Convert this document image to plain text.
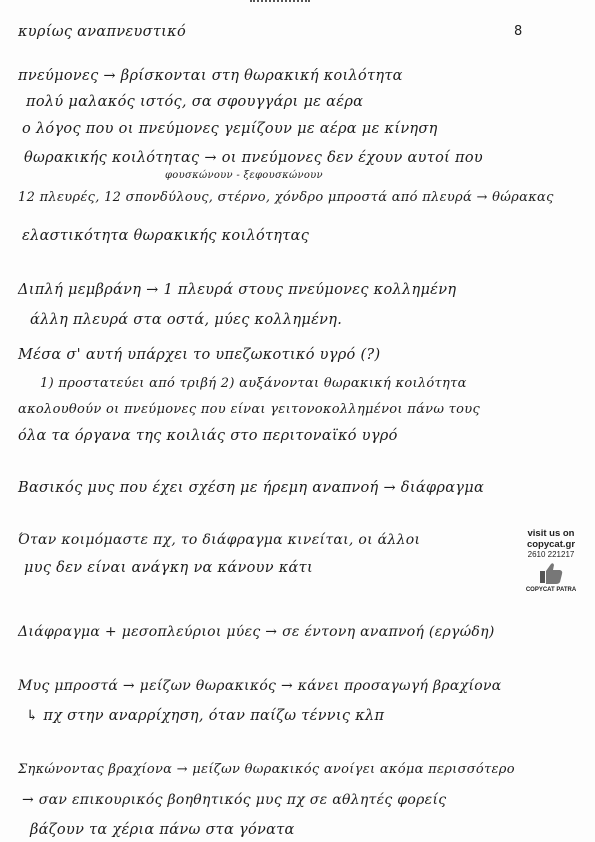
8
κυρίως αναπνευστικό
πνεύμονες → βρίσκονται στη θωρακική κοιλότητα
πολύ μαλακός ιστός, σα σφουγγάρι με αέρα
ο λόγος που οι πνεύμονες γεμίζουν με αέρα με κίνηση
θωρακικής κοιλότητας → οι πνεύμονες δεν έχουν αυτοί που
φουσκώνουν - ξεφουσκώνουν
12 πλευρές, 12 σπονδύλους, στέρνο, χόνδρο μπροστά από πλευρά → θώρακας
ελαστικότητα θωρακικής κοιλότητας
Διπλή μεμβράνη → 1 πλευρά στους πνεύμονες κολλημένη
άλλη πλευρά στα οστά, μύες κολλημένη.
Μέσα σ' αυτή υπάρχει το υπεζωκοτικό υγρό (?)
1) προστατεύει από τριβή 2) αυξάνονται θωρακική κοιλότητα
ακολουθούν οι πνεύμονες που είναι γειτονοκολλημένοι πάνω τους
όλα τα όργανα της κοιλιάς στο περιτοναϊκό υγρό
Βασικός μυς που έχει σχέση με ήρεμη αναπνοή → διάφραγμα
Όταν κοιμόμαστε πχ, το διάφραγμα κινείται, οι άλλοι
μυς δεν είναι ανάγκη να κάνουν κάτι
Διάφραγμα + μεσοπλεύριοι μύες → σε έντονη αναπνοή (εργώδη)
Μυς μπροστά → μείζων θωρακικός → κάνει προσαγωγή βραχίονα
↳ πχ στην αναρρίχηση, όταν παίζω τέννις κλπ
Σηκώνοντας βραχίονα → μείζων θωρακικός ανοίγει ακόμα περισσότερο
→ σαν επικουρικός βοηθητικός μυς πχ σε αθλητές φορείς
βάζουν τα χέρια πάνω στα γόνατα
visit us on
copycat.gr
2610 221217
COPYCAT PATRA
